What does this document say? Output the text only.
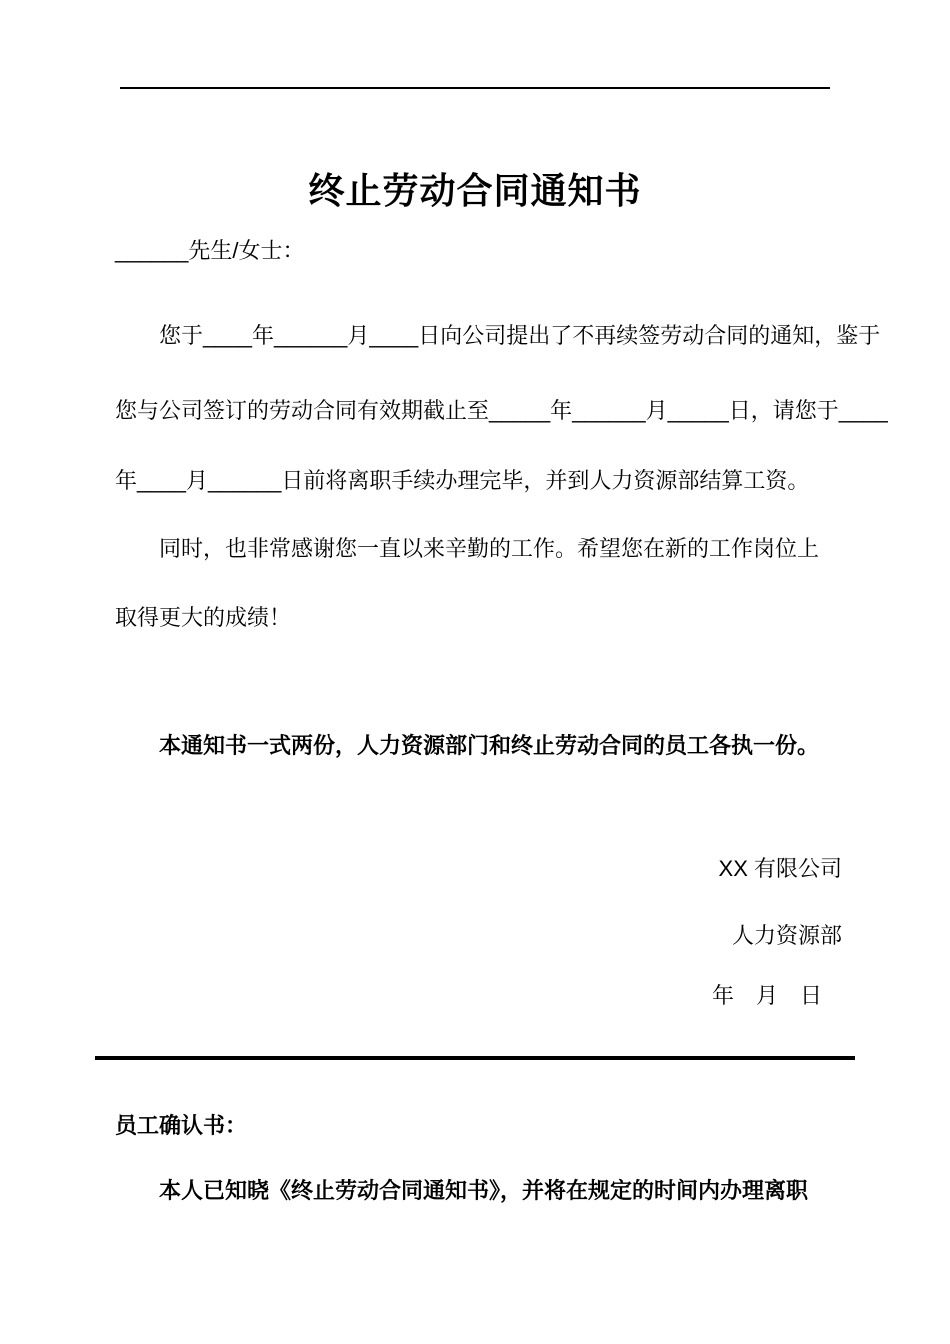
终止劳动合同通知书

______先生/女士：

您于____年______月____日向公司提出了不再续签劳动合同的通知，鉴于

您与公司签订的劳动合同有效期截止至_____年______月_____日，请您于____

年____月______日前将离职手续办理完毕，并到人力资源部结算工资。

同时，也非常感谢您一直以来辛勤的工作。希望您在新的工作岗位上

取得更大的成绩！

本通知书一式两份，人力资源部门和终止劳动合同的员工各执一份。

XX 有限公司

人力资源部

年　月　日

员工确认书：

本人已知晓《终止劳动合同通知书》，并将在规定的时间内办理离职
